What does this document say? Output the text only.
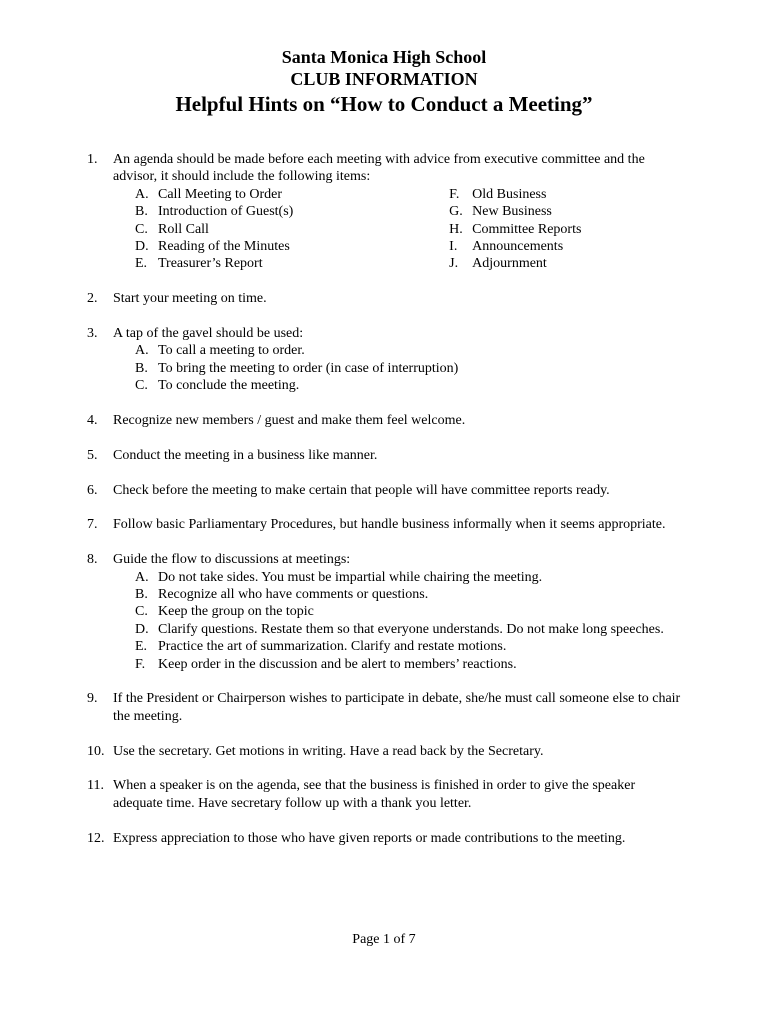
Santa Monica High School
CLUB INFORMATION
Helpful Hints on “How to Conduct a Meeting”
1.	An agenda should be made before each meeting with advice from executive committee and the advisor, it should include the following items:
A. Call Meeting to Order
B. Introduction of Guest(s)
C. Roll Call
D. Reading of the Minutes
E. Treasurer’s Report
F. Old Business
G. New Business
H. Committee Reports
I. Announcements
J. Adjournment
2.	Start your meeting on time.
3.	A tap of the gavel should be used:
A. To call a meeting to order.
B. To bring the meeting to order (in case of interruption)
C. To conclude the meeting.
4.	Recognize new members / guest and make them feel welcome.
5.	Conduct the meeting in a business like manner.
6.	Check before the meeting to make certain that people will have committee reports ready.
7.	Follow basic Parliamentary Procedures, but handle business informally when it seems appropriate.
8.	Guide the flow to discussions at meetings:
A. Do not take sides. You must be impartial while chairing the meeting.
B. Recognize all who have comments or questions.
C. Keep the group on the topic
D. Clarify questions. Restate them so that everyone understands. Do not make long speeches.
E. Practice the art of summarization. Clarify and restate motions.
F. Keep order in the discussion and be alert to members’ reactions.
9.	If the President or Chairperson wishes to participate in debate, she/he must call someone else to chair the meeting.
10. Use the secretary. Get motions in writing. Have a read back by the Secretary.
11. When a speaker is on the agenda, see that the business is finished in order to give the speaker adequate time. Have secretary follow up with a thank you letter.
12. Express appreciation to those who have given reports or made contributions to the meeting.
Page 1 of 7
